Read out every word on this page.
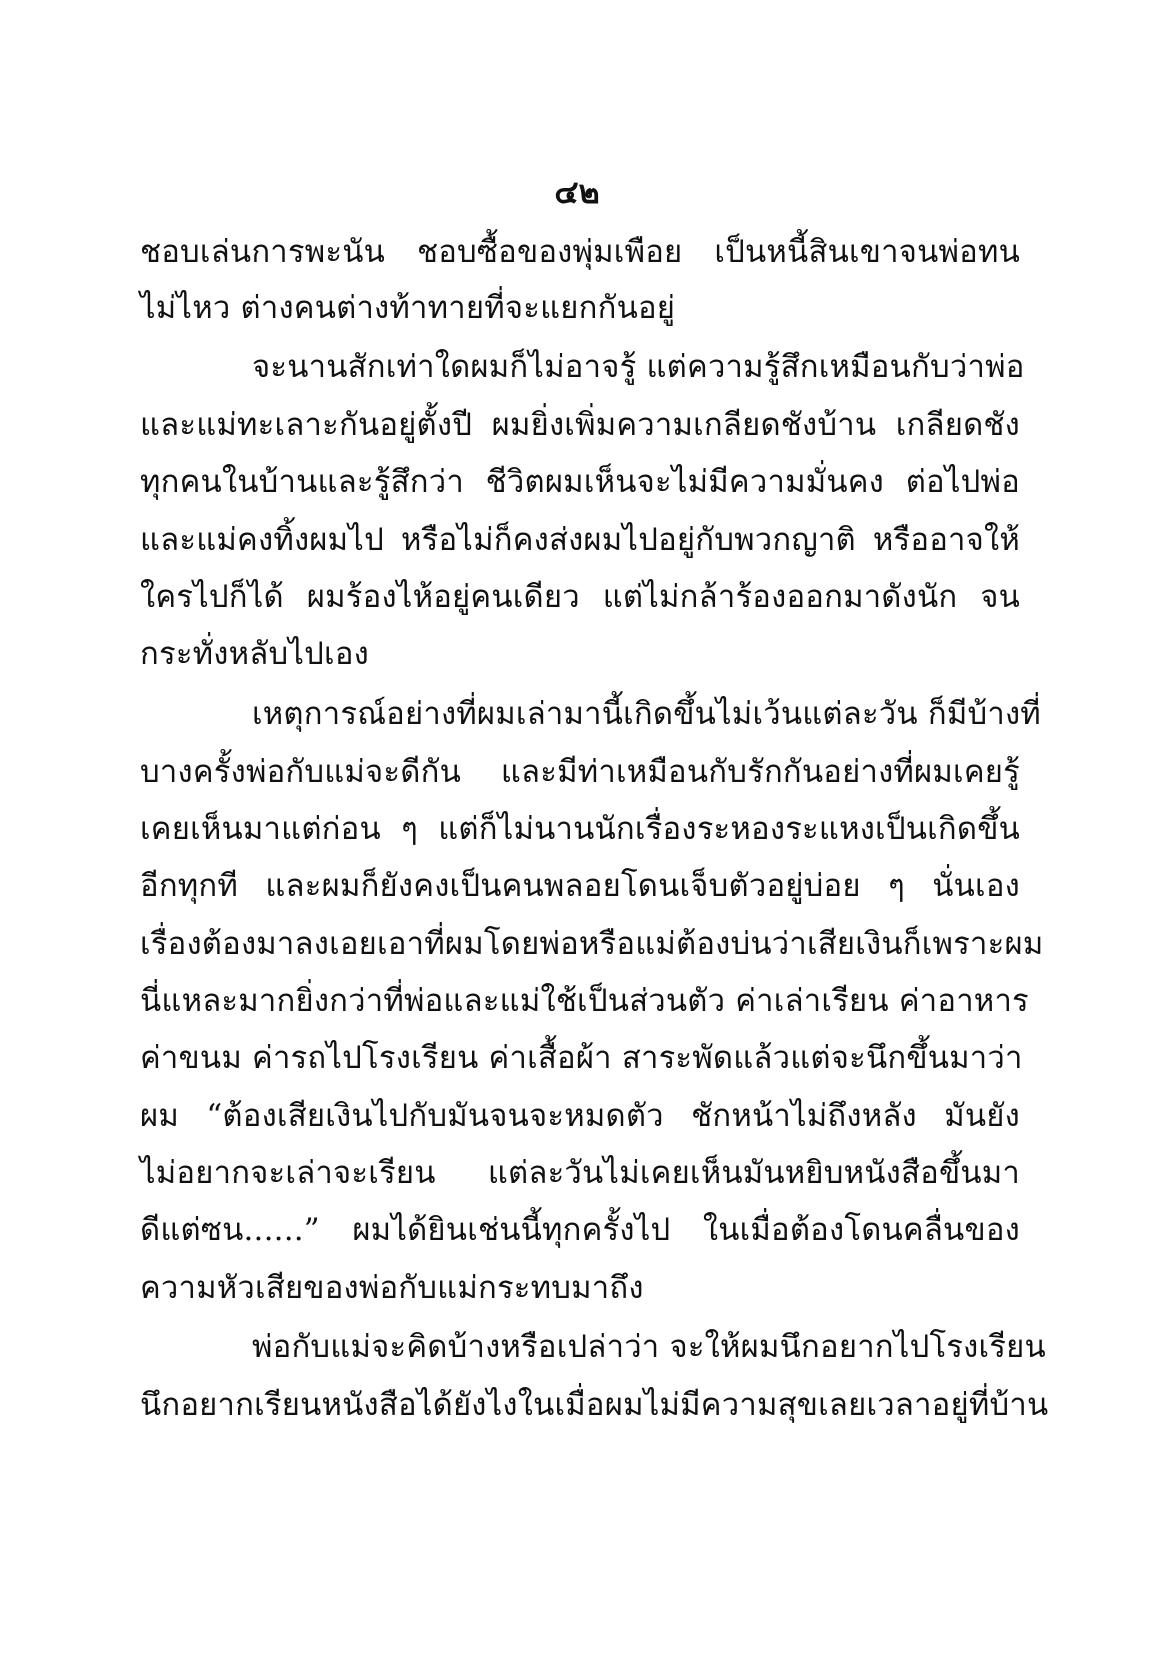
๔๒
ชอบเล่นการพะนัน ชอบซื้อของพุ่มเพือย เป็นหนี้สินเขาจนพ่อทน
ไม่ไหว ต่างคนต่างท้าทายที่จะแยกกันอยู่
จะนานสักเท่าใดผมก็ไม่อาจรู้ แต่ความรู้สึกเหมือนกับว่าพ่อ
และแม่ทะเลาะกันอยู่ตั้งปี ผมยิ่งเพิ่มความเกลียดชังบ้าน เกลียดชัง
ทุกคนในบ้านและรู้สึกว่า ชีวิตผมเห็นจะไม่มีความมั่นคง ต่อไปพ่อ
และแม่คงทิ้งผมไป หรือไม่ก็คงส่งผมไปอยู่กับพวกญาติ หรืออาจให้
ใครไปก็ได้ ผมร้องไห้อยู่คนเดียว แต่ไม่กล้าร้องออกมาดังนัก จน
กระทั่งหลับไปเอง
เหตุการณ์อย่างที่ผมเล่ามานี้เกิดขึ้นไม่เว้นแต่ละวัน ก็มีบ้างที่
บางครั้งพ่อกับแม่จะดีกัน และมีท่าเหมือนกับรักกันอย่างที่ผมเคยรู้
เคยเห็นมาแต่ก่อน ๆ แต่ก็ไม่นานนักเรื่องระหองระแหงเป็นเกิดขึ้น
อีกทุกที และผมก็ยังคงเป็นคนพลอยโดนเจ็บตัวอยู่บ่อย ๆ นั่นเอง
เรื่องต้องมาลงเอยเอาที่ผมโดยพ่อหรือแม่ต้องบ่นว่าเสียเงินก็เพราะผม
นี่แหละมากยิ่งกว่าที่พ่อและแม่ใช้เป็นส่วนตัว ค่าเล่าเรียน ค่าอาหาร
ค่าขนม ค่ารถไปโรงเรียน ค่าเสื้อผ้า สาระพัดแล้วแต่จะนึกขึ้นมาว่า
ผม “ต้องเสียเงินไปกับมันจนจะหมดตัว ชักหน้าไม่ถึงหลัง มันยัง
ไม่อยากจะเล่าจะเรียน แต่ละวันไม่เคยเห็นมันหยิบหนังสือขึ้นมา
ดีแต่ซน......” ผมได้ยินเช่นนี้ทุกครั้งไป ในเมื่อต้องโดนคลื่นของ
ความหัวเสียของพ่อกับแม่กระทบมาถึง
พ่อกับแม่จะคิดบ้างหรือเปล่าว่า จะให้ผมนึกอยากไปโรงเรียน
นึกอยากเรียนหนังสือได้ยังไงในเมื่อผมไม่มีความสุขเลยเวลาอยู่ที่บ้าน
